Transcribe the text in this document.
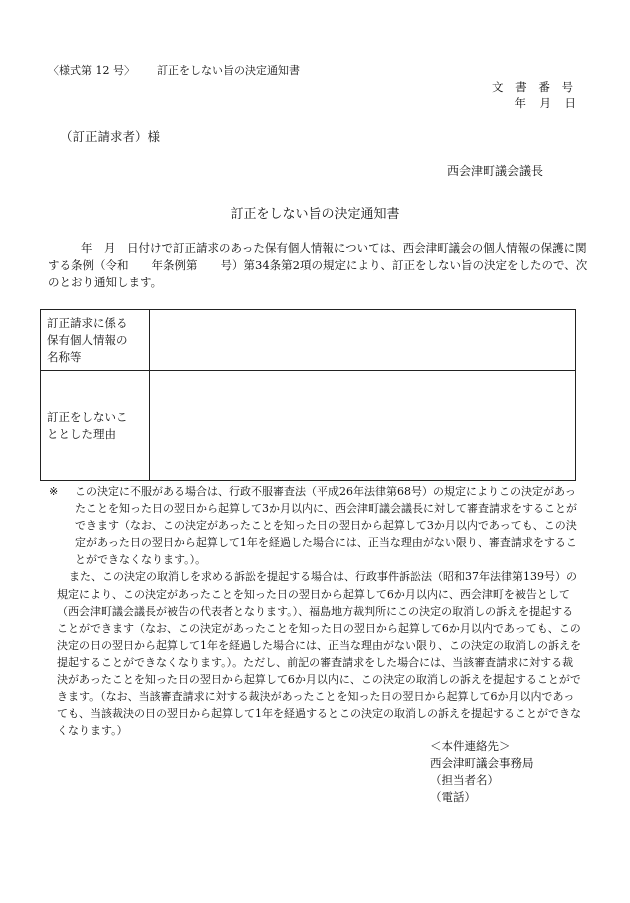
〈様式第 12 号〉 訂正をしない旨の決定通知書
文 書 番 号
年　月　日
（訂正請求者）様
西会津町議会議長
訂正をしない旨の決定通知書
年　月　日付けで訂正請求のあった保有個人情報については、西会津町議会の個人情報の保護に関する条例（令和　　年条例第　　号）第34条第2項の規定により、訂正をしない旨の決定をしたので、次のとおり通知します。
訂正請求に係る
保有個人情報の
名称等	

訂正をしないこ
ととした理由	

※ この決定に不服がある場合は、行政不服審査法（平成26年法律第68号）の規定によりこの決定があったことを知った日の翌日から起算して3か月以内に、西会津町議会議長に対して審査請求をすることができます（なお、この決定があったことを知った日の翌日から起算して3か月以内であっても、この決定があった日の翌日から起算して1年を経過した場合には、正当な理由がない限り、審査請求をすることができなくなります。）。

また、この決定の取消しを求める訴訟を提起する場合は、行政事件訴訟法（昭和37年法律第139号）の規定により、この決定があったことを知った日の翌日から起算して6か月以内に、西会津町を被告として（西会津町議会議長が被告の代表者となります。）、福島地方裁判所にこの決定の取消しの訴えを提起することができます（なお、この決定があったことを知った日の翌日から起算して6か月以内であっても、この決定の日の翌日から起算して1年を経過した場合には、正当な理由がない限り、この決定の取消しの訴えを提起することができなくなります。）。ただし、前記の審査請求をした場合には、当該審査請求に対する裁決があったことを知った日の翌日から起算して6か月以内に、この決定の取消しの訴えを提起することができます。（なお、当該審査請求に対する裁決があったことを知った日の翌日から起算して6か月以内であっても、当該裁決の日の翌日から起算して1年を経過するとこの決定の取消しの訴えを提起することができなくなります。）

＜本件連絡先＞
西会津町議会事務局
（担当者名）
（電話）
